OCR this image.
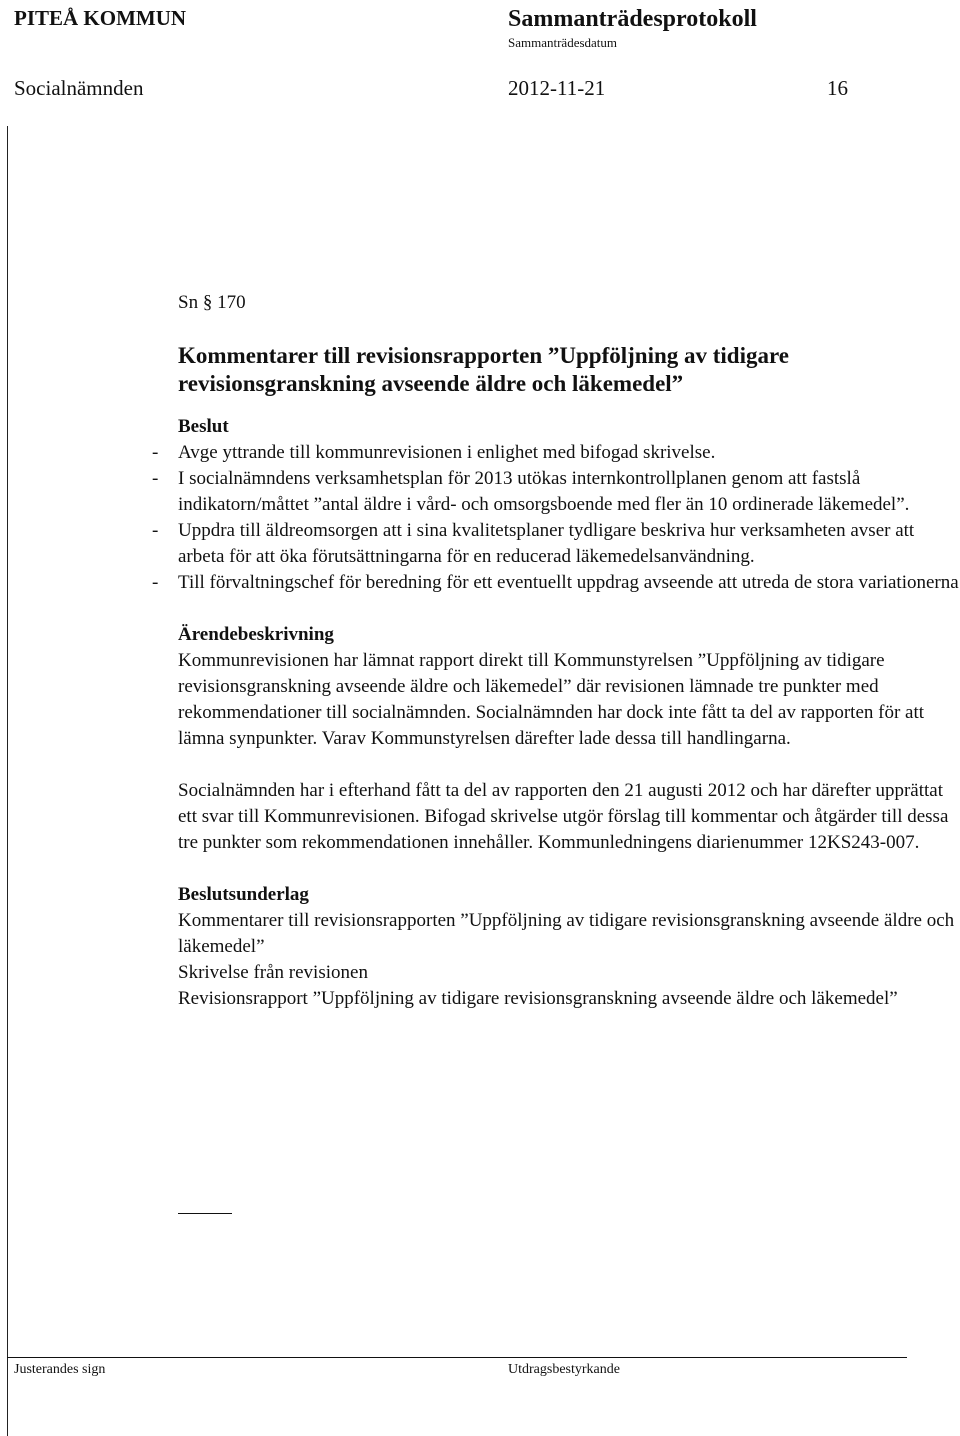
PITEÅ KOMMUN	Sammanträdesprotokoll
Sammanträdesdatum
Socialnämnden	2012-11-21	16

Sn § 170

Kommentarer till revisionsrapporten ”Uppföljning av tidigare revisionsgranskning avseende äldre och läkemedel”

Beslut

- Avge yttrande till kommunrevisionen i enlighet med bifogad skrivelse.
- I socialnämndens verksamhetsplan för 2013 utökas internkontrollplanen genom att fastslå indikatorn/måttet ”antal äldre i vård- och omsorgsboende med fler än 10 ordinerade läkemedel”.
- Uppdra till äldreomsorgen att i sina kvalitetsplaner tydligare beskriva hur verksamheten avser att arbeta för att öka förutsättningarna för en reducerad läkemedelsanvändning.
- Till förvaltningschef för beredning för ett eventuellt uppdrag avseende att utreda de stora variationerna

Ärendebeskrivning

Kommunrevisionen har lämnat rapport direkt till Kommunstyrelsen ”Uppföljning av tidigare revisionsgranskning avseende äldre och läkemedel” där revisionen lämnade tre punkter med rekommendationer till socialnämnden. Socialnämnden har dock inte fått ta del av rapporten för att lämna synpunkter. Varav Kommunstyrelsen därefter lade dessa till handlingarna.

Socialnämnden har i efterhand fått ta del av rapporten den 21 augusti 2012 och har därefter upprättat ett svar till Kommunrevisionen. Bifogad skrivelse utgör förslag till kommentar och åtgärder till dessa tre punkter som rekommendationen innehåller. Kommunledningens diarienummer 12KS243-007.

Beslutsunderlag

Kommentarer till revisionsrapporten ”Uppföljning av tidigare revisionsgranskning avseende äldre och läkemedel”

Skrivelse från revisionen

Revisionsrapport ”Uppföljning av tidigare revisionsgranskning avseende äldre och läkemedel”

Justerandes sign	Utdragsbestyrkande
